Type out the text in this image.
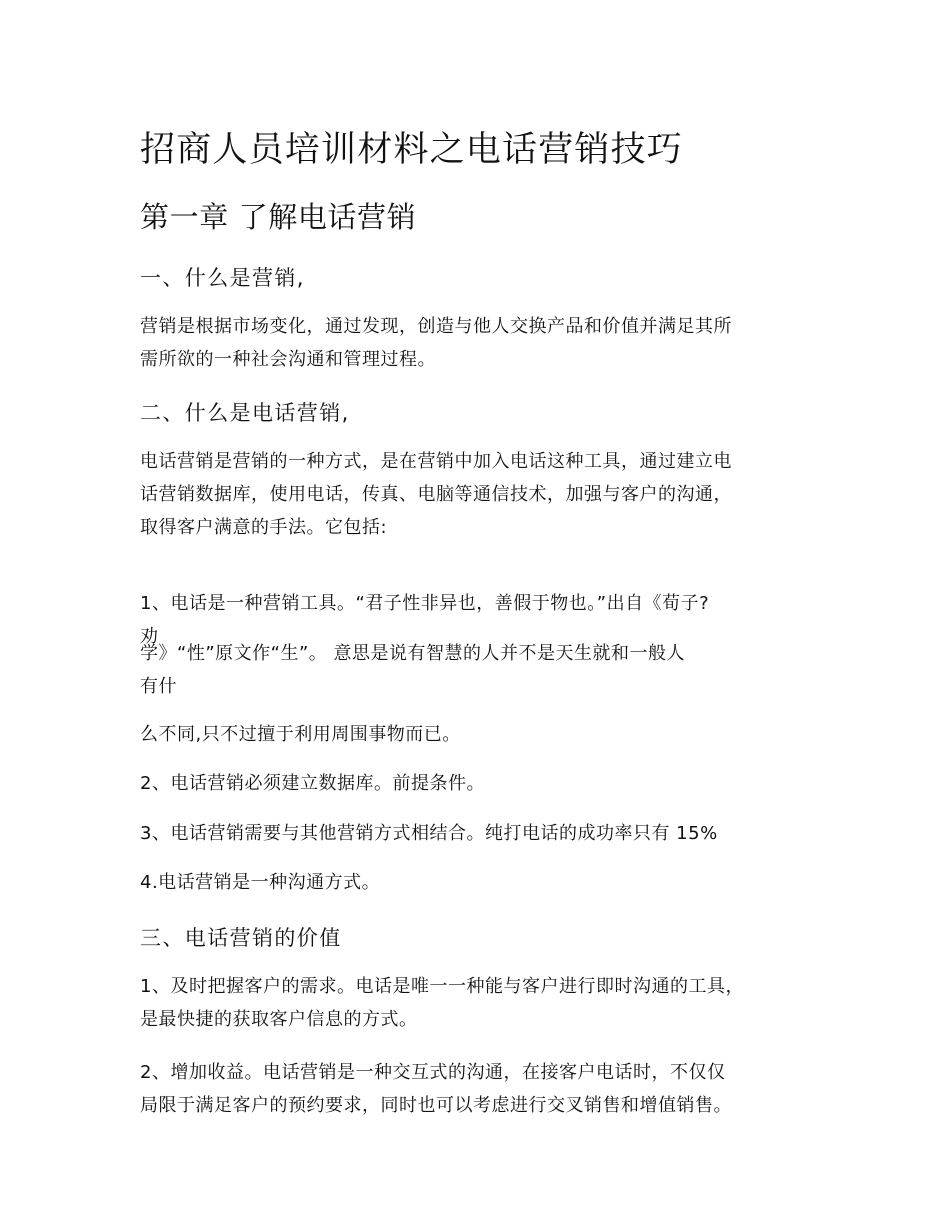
招商人员培训材料之电话营销技巧
第一章 了解电话营销
一、什么是营销,
营销是根据市场变化，通过发现，创造与他人交换产品和价值并满足其所
需所欲的一种社会沟通和管理过程。
二、什么是电话营销,
电话营销是营销的一种方式，是在营销中加入电话这种工具，通过建立电
话营销数据库，使用电话，传真、电脑等通信技术，加强与客户的沟通，
取得客户满意的手法。它包括:
1、电话是一种营销工具。“君子性非异也，善假于物也。”出自《荀子?
劝
学》“性”原文作“生”。 意思是说有智慧的人并不是天生就和一般人
有什
么不同,只不过擅于利用周围事物而已。
2、电话营销必须建立数据库。前提条件。
3、电话营销需要与其他营销方式相结合。纯打电话的成功率只有 15%
4.电话营销是一种沟通方式。
三、电话营销的价值
1、及时把握客户的需求。电话是唯一一种能与客户进行即时沟通的工具，
是最快捷的获取客户信息的方式。
2、增加收益。电话营销是一种交互式的沟通，在接客户电话时，不仅仅
局限于满足客户的预约要求，同时也可以考虑进行交叉销售和增值销售。
